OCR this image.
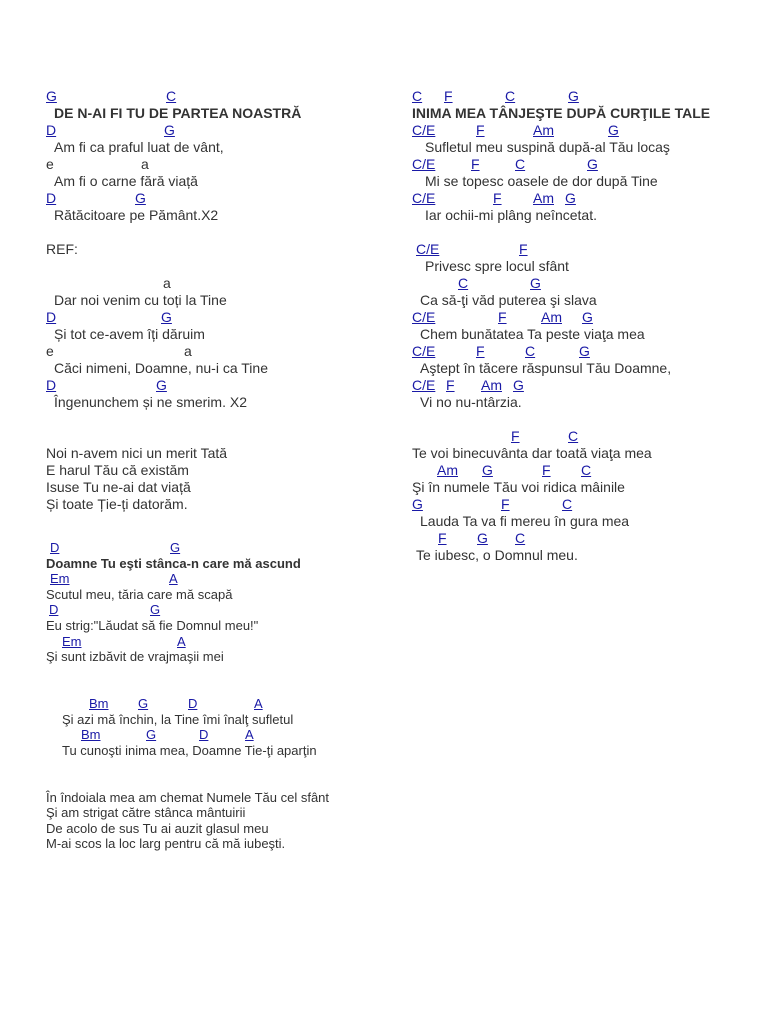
G

	C

DE N-AI FI TU DE PARTEA NOASTRĂ

D

	G

Am fi ca praful luat de vânt,

e

	a

Am fi o carne fără viață

D

	G

Rătăcitoare pe Pământ.X2
REF:

a

Dar noi venim cu toți la Tine

D

	G

Și tot ce-avem îți dăruim

e

	a

Căci nimeni, Doamne, nu-i ca Tine

D

	G

Îngenunchem și ne smerim. X2
Noi n-avem nici un merit Tată
E harul Tău că existăm
Isuse Tu ne-ai dat viață
Și toate Ție-ți datorăm.

D

	G

Doamne Tu eşti stânca-n care mă ascund

Em

	A

Scutul meu, tăria care mă scapă

D

	G

Eu strig:"Lăudat să fie Domnul meu!"

Em

	A

Şi sunt izbăvit de vrajmaşii mei

Bm

G

	D

	A

Şi azi mă închin, la Tine îmi înalţ sufletul

Bm

	G

	D

	A

Tu cunoşti inima mea, Doamne Tie-ţi aparţin
În îndoiala mea am chemat Numele Tău cel sfânt
Şi am strigat către stânca mântuirii
De acolo de sus Tu ai auzit glasul meu
M-ai scos la loc larg pentru că mă iubeşti.

C

F

	C

	G

INIMA MEA TÂNJEŞTE DUPĂ CURŢILE TALE

C/E

	F

	Am

	G

Sufletul meu suspină după-al Tău locaş

C/E

	F

	C

	G

Mi se topesc oasele de dor după Tine

C/E

	F

Am

G

Iar ochii-mi plâng neîncetat.

C/E

	F

Privesc spre locul sfânt

C

	G

Ca să-ţi văd puterea şi slava

C/E

	F

Am

G

Chem bunătatea Ta peste viaţa mea

C/E

	F

	C

	G

Aştept în tăcere răspunsul Tău Doamne,

C/E

F

Am

G

Vi no nu-ntârzia.

F

	C

Te voi binecuvânta dar toată viaţa mea

Am

G

	F

C

Şi în numele Tău voi ridica mâinile

G

	F

	C

Lauda Ta va fi mereu în gura mea

F

G

C

Te iubesc, o Domnul meu.
